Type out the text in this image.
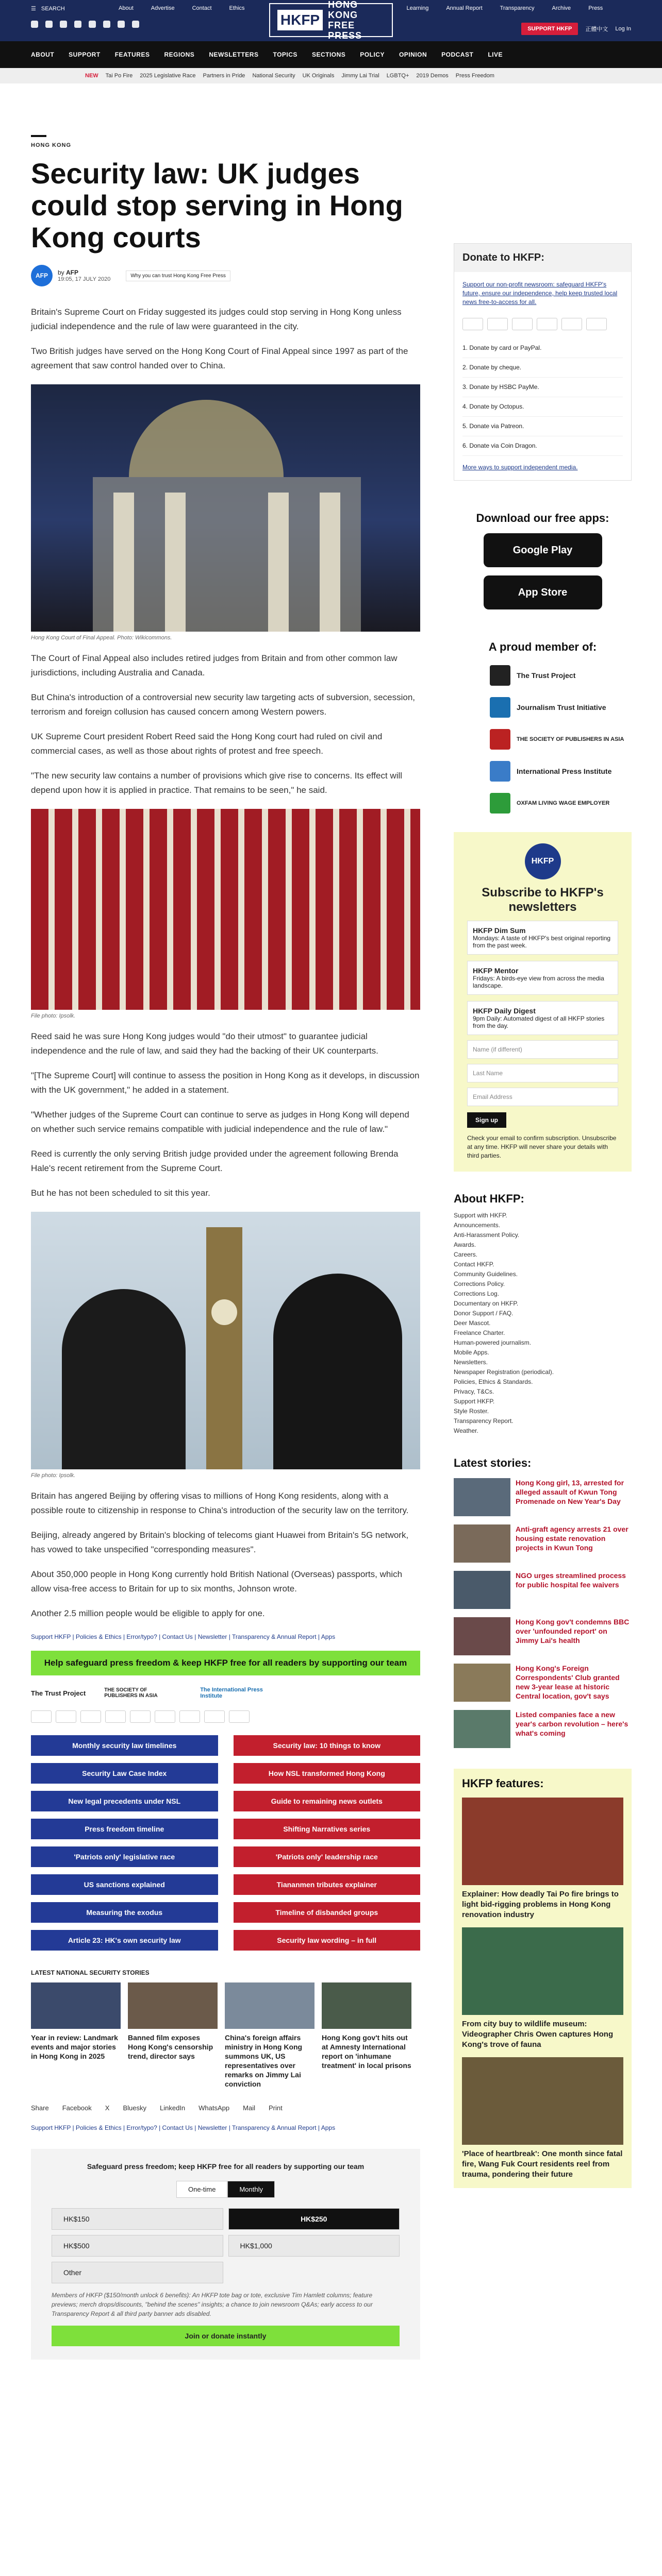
☰ SEARCH	About	Advertise	Contact	Ethics	Learning	Annual Report	Transparency	Archive	Press
HKFP
HONG KONG FREE PRESS
SUPPORT HKFP	正體中文 Log In
ABOUT SUPPORT FEATURES REGIONS NEWSLETTERS TOPICS SECTIONS POLICY OPINION PODCAST LIVE
NEW Tai Po Fire 2025 Legislative Race Partners in Pride National Security UK Originals Jimmy Lai Trial LGBTQ+ 2019 Demos Press Freedom
HONG KONG
Security law: UK judges could stop serving in Hong Kong courts
AFP	by AFP
19:05, 17 JULY 2020
Why you can trust Hong Kong Free Press

Britain's Supreme Court on Friday suggested its judges could stop serving in Hong Kong unless judicial independence and the rule of law were guaranteed in the city.

Two British judges have served on the Hong Kong Court of Final Appeal since 1997 as part of the agreement that saw control handed over to China.

Hong Kong Court of Final Appeal. Photo: Wikicommons.

The Court of Final Appeal also includes retired judges from Britain and from other common law jurisdictions, including Australia and Canada.

But China's introduction of a controversial new security law targeting acts of subversion, secession, terrorism and foreign collusion has caused concern among Western powers.

UK Supreme Court president Robert Reed said the Hong Kong court had ruled on civil and commercial cases, as well as those about rights of protest and free speech.

"The new security law contains a number of provisions which give rise to concerns. Its effect will depend upon how it is applied in practice. That remains to be seen," he said.

File photo: Ipsolk.

Reed said he was sure Hong Kong judges would "do their utmost" to guarantee judicial independence and the rule of law, and said they had the backing of their UK counterparts.

"[The Supreme Court] will continue to assess the position in Hong Kong as it develops, in discussion with the UK government," he added in a statement.

"Whether judges of the Supreme Court can continue to serve as judges in Hong Kong will depend on whether such service remains compatible with judicial independence and the rule of law."

Reed is currently the only serving British judge provided under the agreement following Brenda Hale's recent retirement from the Supreme Court.

But he has not been scheduled to sit this year.

File photo: Ipsolk.

Britain has angered Beijing by offering visas to millions of Hong Kong residents, along with a possible route to citizenship in response to China's introduction of the security law on the territory.

Beijing, already angered by Britain's blocking of telecoms giant Huawei from Britain's 5G network, has vowed to take unspecified "corresponding measures".

About 350,000 people in Hong Kong currently hold British National (Overseas) passports, which allow visa-free access to Britain for up to six months, Johnson wrote.

Another 2.5 million people would be eligible to apply for one.

Support HKFP | Policies & Ethics | Error/typo? | Contact Us | Newsletter | Transparency & Annual Report | Apps
Help safeguard press freedom & keep HKFP free for all readers by supporting our team
The Trust Project	THE SOCIETY OF PUBLISHERS IN ASIA
The International Press Institute
Monthly security law timelines	Security law: 10 things to know
Security Law Case Index	How NSL transformed Hong Kong
New legal precedents under NSL	Guide to remaining news outlets
Press freedom timeline	Shifting Narratives series
'Patriots only' legislative race	'Patriots only' leadership race
US sanctions explained	Tiananmen tributes explainer
Measuring the exodus	Timeline of disbanded groups
Article 23: HK's own security law	Security law wording – in full
LATEST NATIONAL SECURITY STORIES
Year in review: Landmark events and major stories in Hong Kong in 2025
Banned film exposes Hong Kong's censorship trend, director says
China's foreign affairs ministry in Hong Kong summons UK, US representatives over remarks on Jimmy Lai conviction
Hong Kong gov't hits out at Amnesty International report on 'inhumane treatment' in local prisons
Share Facebook X Bluesky LinkedIn WhatsApp Mail Print
Support HKFP | Policies & Ethics | Error/typo? | Contact Us | Newsletter | Transparency & Annual Report | Apps
Safeguard press freedom; keep HKFP free for all readers by supporting our team
One-time	Monthly
HK$150	HK$250
HK$500	HK$1,000
Other
Members of HKFP ($150/month unlock 6 benefits): An HKFP tote bag or tote, exclusive Tim Hamlett columns; feature previews; merch drops/discounts, "behind the scenes" insights; a chance to join newsroom Q&As; early access to our Transparency Report & all third party banner ads disabled.
Join or donate instantly
Donate to HKFP:
Support our non-profit newsroom: safeguard HKFP's future, ensure our independence, help keep trusted local news free-to-access for all.
1. Donate by card or PayPal.
2. Donate by cheque.
3. Donate by HSBC PayMe.
4. Donate by Octopus.
5. Donate via Patreon.
6. Donate via Coin Dragon.
More ways to support independent media.
Download our free apps:
Google Play
App Store
A proud member of:
The Trust Project
Journalism Trust Initiative
THE SOCIETY OF PUBLISHERS IN ASIA
International Press Institute
OXFAM LIVING WAGE EMPLOYER
HKFP
Subscribe to HKFP's newsletters
HKFP Dim Sum
Mondays: A taste of HKFP's best original reporting from the past week.
HKFP Mentor
Fridays: A birds-eye view from across the media landscape.
HKFP Daily Digest
9pm Daily: Automated digest of all HKFP stories from the day.
Name (if different)
Last Name
Email Address
Sign up
Check your email to confirm subscription. Unsubscribe at any time. HKFP will never share your details with third parties.
About HKFP:
Support with HKFP.
Announcements.
Anti-Harassment Policy.
Awards.
Careers.
Contact HKFP.
Community Guidelines.
Corrections Policy.
Corrections Log.
Documentary on HKFP.
Donor Support / FAQ.
Deer Mascot.
Freelance Charter.
Human-powered journalism.
Mobile Apps.
Newsletters.
Newspaper Registration (periodical).
Policies, Ethics & Standards.
Privacy, T&Cs.
Support HKFP.
Style Roster.
Transparency Report.
Weather.
Latest stories:
Hong Kong girl, 13, arrested for alleged assault of Kwun Tong Promenade on New Year's Day
Anti-graft agency arrests 21 over housing estate renovation projects in Kwun Tong
NGO urges streamlined process for public hospital fee waivers
Hong Kong gov't condemns BBC over 'unfounded report' on Jimmy Lai's health
Hong Kong's Foreign Correspondents' Club granted new 3-year lease at historic Central location, gov't says
Listed companies face a new year's carbon revolution – here's what's coming
HKFP features:
Explainer: How deadly Tai Po fire brings to light bid-rigging problems in Hong Kong renovation industry
From city buy to wildlife museum: Videographer Chris Owen captures Hong Kong's trove of fauna
'Place of heartbreak': One month since fatal fire, Wang Fuk Court residents reel from trauma, pondering their future
